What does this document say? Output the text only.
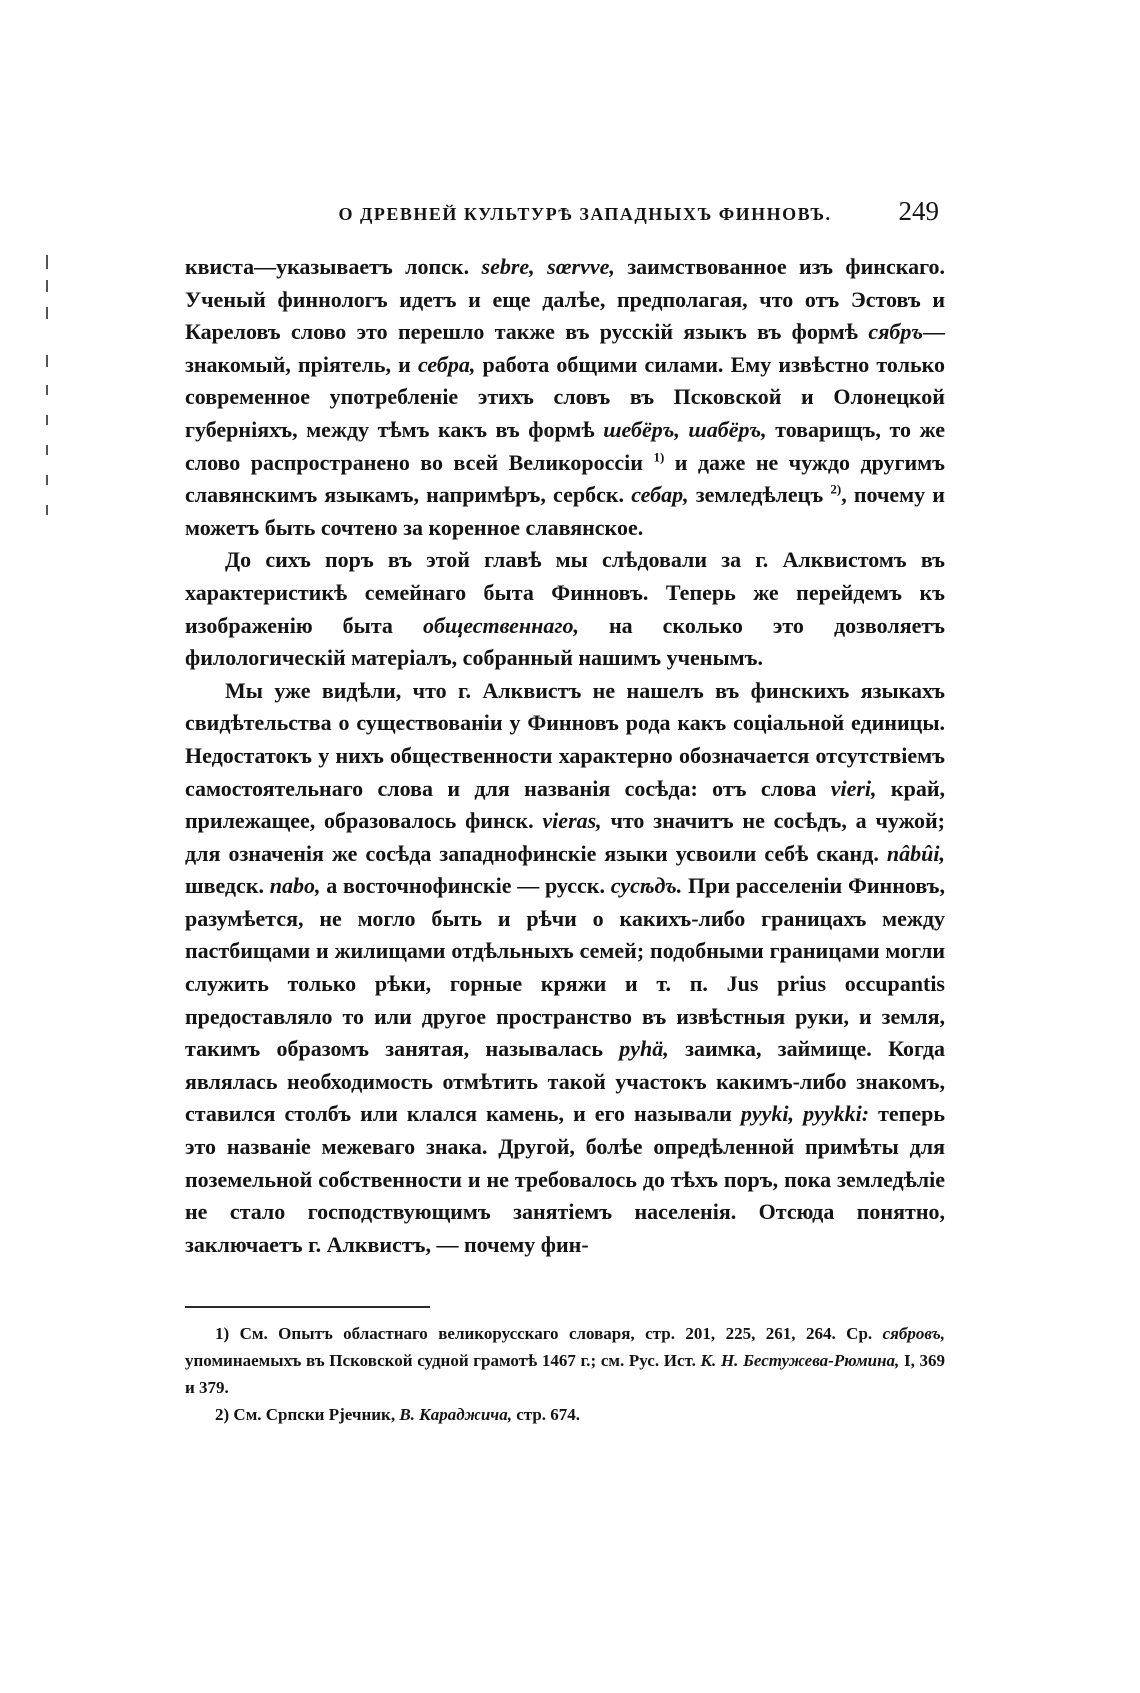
О ДРЕВНЕЙ КУЛЬТУРѢ ЗАПАДНЫХЪ ФИННОВЪ.	249

квиста—указываетъ лопск. sebre, sœrvve, заимствованное изъ финскаго. Ученый финнологъ идетъ и еще далѣе, предполагая, что отъ Эстовъ и Кареловъ слово это перешло также въ русскій языкъ въ формѣ сябръ—знакомый, пріятель, и себра, работа общими силами. Ему извѣстно только современное употребленіе этихъ словъ въ Псковской и Олонецкой губерніяхъ, между тѣмъ какъ въ формѣ шебёръ, шабёръ, товарищъ, то же слово распространено во всей Великороссіи $^{1)}$ и даже не чуждо другимъ славянскимъ языкамъ, напримѣръ, сербск. себар, земледѣлецъ $^{2)}$, почему и можетъ быть сочтено за коренное славянское.

До сихъ поръ въ этой главѣ мы слѣдовали за г. Алквистомъ въ характеристикѣ семейнаго быта Финновъ. Теперь же перейдемъ къ изображенію быта общественнаго, на сколько это дозволяетъ филологическій матеріалъ, собранный нашимъ ученымъ.

Мы уже видѣли, что г. Алквистъ не нашелъ въ финскихъ языкахъ свидѣтельства о существованіи у Финновъ рода какъ соціальной единицы. Недостатокъ у нихъ общественности характерно обозначается отсутствіемъ самостоятельнаго слова и для названія сосѣда: отъ слова vieri, край, прилежащее, образовалось финск. vieras, что значитъ не сосѣдъ, а чужой; для означенія же сосѣда западнофинскіе языки усвоили себѣ сканд. nâbûi, шведск. nabo, а восточнофинскіе — русск. сусѣдъ. При расселеніи Финновъ, разумѣется, не могло быть и рѣчи о какихъ-либо границахъ между пастбищами и жилищами отдѣльныхъ семей; подобными границами могли служить только рѣки, горные кряжи и т. п. Jus prius occupantis предоставляло то или другое пространство въ извѣстныя руки, и земля, такимъ образомъ занятая, называлась pyhä, заимка, займище. Когда являлась необходимость отмѣтить такой участокъ какимъ-либо знакомъ, ставился столбъ или клался камень, и его называли pyyki, pyykki: теперь это названіе межеваго знака. Другой, болѣе опредѣленной примѣты для поземельной собственности и не требовалось до тѣхъ поръ, пока земледѣліе не стало господствующимъ занятіемъ населенія. Отсюда понятно, заключаетъ г. Алквистъ, — почему фин-

1) См. Опытъ областнаго великорусскаго словаря, стр. 201, 225, 261, 264. Ср. сябровъ, упоминаемыхъ въ Псковской судной грамотѣ 1467 г.; см. Рус. Ист. К. Н. Бестужева-Рюмина, I, 369 и 379.

2) См. Српски Рјечник, В. Караджича, стр. 674.
